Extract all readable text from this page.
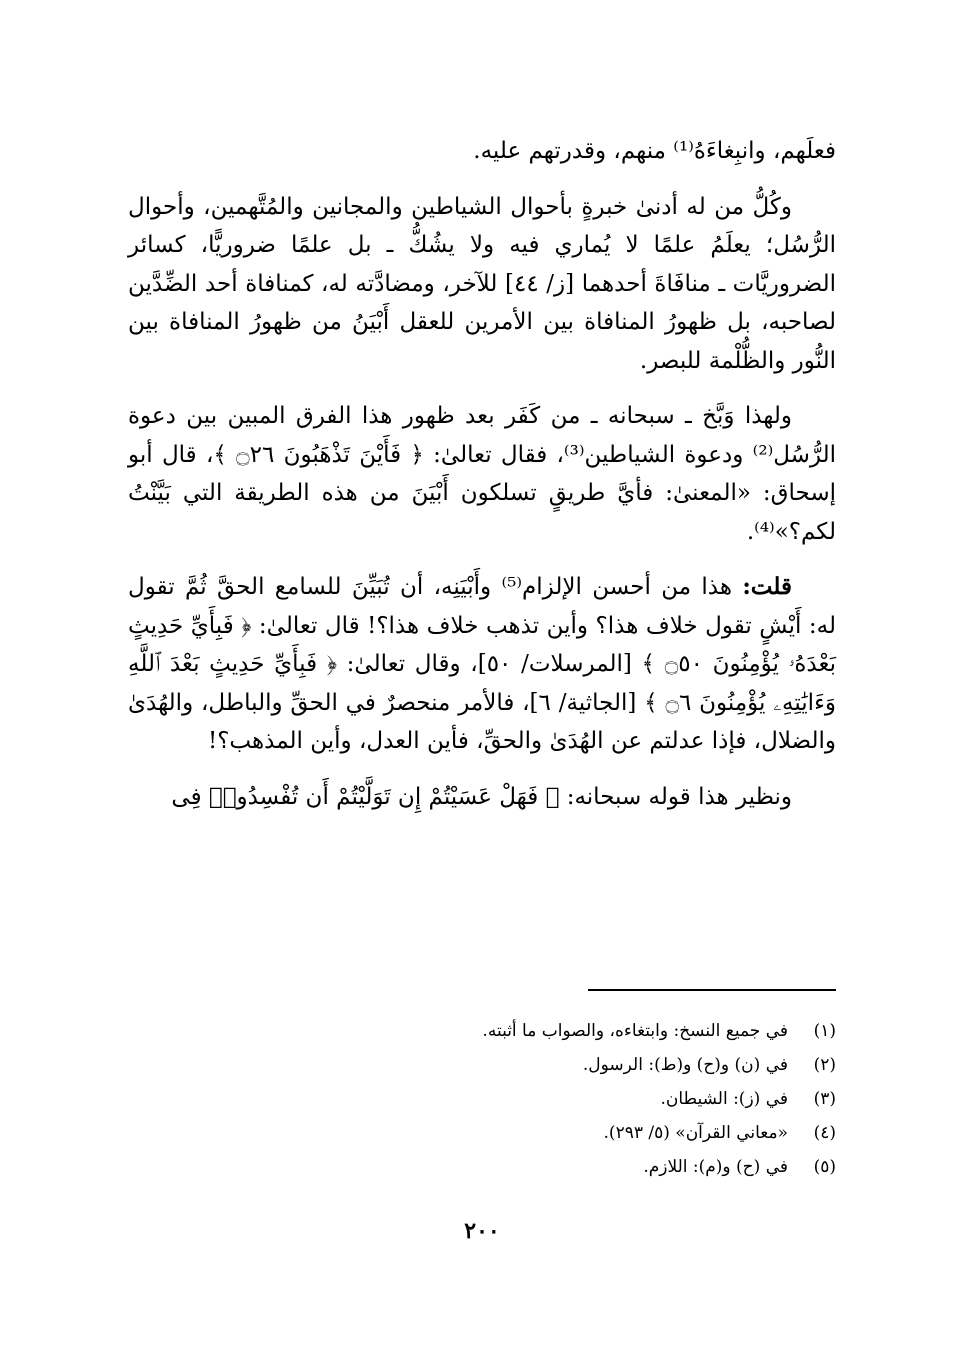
فعلَهم، وانبِغاءَهُ⁽¹⁾ منهم، وقدرتهم عليه.

وكُلُّ من له أدنىٰ خبرةٍ بأحوال الشياطين والمجانين والمُتَّهمين، وأحوال الرُّسُل؛ يعلَمُ علمًا لا يُماري فيه ولا يشُكُّ ـ بل علمًا ضروريًّا، كسائر الضروريَّات ـ منافَاةَ أحدهما [ز/ ٤٤] للآخر، ومضادَّته له، كمنافاة أحد الضِّدَّين لصاحبه، بل ظهورُ المنافاة بين الأمرين للعقل أَبْيَنُ من ظهورُ المنافاة بين النُّور والظُّلْمة للبصر.

ولهذا وَبَّخ ـ سبحانه ـ من كَفَر بعد ظهور هذا الفرق المبين بين دعوة الرُّسُل⁽²⁾ ودعوة الشياطين⁽³⁾، فقال تعالىٰ: ﴿ فَأَيْنَ تَذْهَبُونَ ۝٢٦ ﴾، قال أبو إسحاق: «المعنىٰ: فأيَّ طريقٍ تسلكون أَبْيَنَ من هذه الطريقة التي بَيَّنْتُ لكم؟»⁽⁴⁾.

قلت: هذا من أحسن الإلزام⁽⁵⁾ وأَبْيَنِه، أن تُبَيِّنَ للسامع الحقَّ ثُمَّ تقول له: أَيْشٍ تقول خلاف هذا؟ وأين تذهب خلاف هذا؟! قال تعالىٰ: ﴿ فَبِأَيِّ حَدِيثٍ بَعْدَهُۥ يُؤْمِنُونَ ۝٥٠ ﴾ [المرسلات/ ٥٠]، وقال تعالىٰ: ﴿ فَبِأَيِّ حَدِيثٍ بَعْدَ ٱللَّهِ وَءَايَٰتِهِۦ يُؤْمِنُونَ ۝٦ ﴾ [الجاثية/ ٦]، فالأمر منحصرٌ في الحقِّ والباطل، والهُدَىٰ والضلال، فإذا عدلتم عن الهُدَىٰ والحقِّ، فأين العدل، وأين المذهب؟!

ونظير هذا قوله سبحانه: ﴿ فَهَلْ عَسَيْتُمْ إِن تَوَلَّيْتُمْ أَن تُفْسِدُوا۟ فِى

(١)في جميع النسخ: وابتغاءه، والصواب ما أثبته.

(٢)في (ن) و(ح) و(ط): الرسول.

(٣)في (ز): الشيطان.

(٤)«معاني القرآن» (٥/ ٢٩٣).

(٥)في (ح) و(م): اللازم.

٢٠٠
